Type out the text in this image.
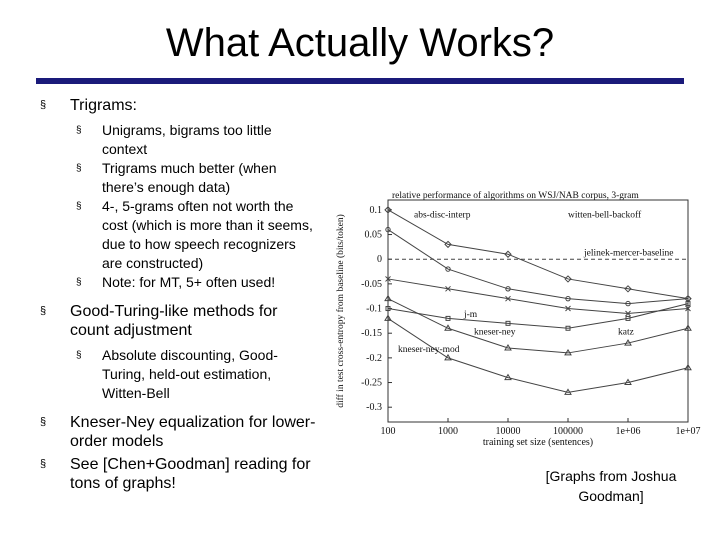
What Actually Works?
§ Trigrams:
§ Unigrams, bigrams too little context
§ Trigrams much better (when there’s enough data)
§ 4-, 5-grams often not worth the cost (which is more than it seems, due to how speech recognizers are constructed)
§ Note: for MT, 5+ often used!
§ Good-Turing-like methods for count adjustment
§ Absolute discounting, Good-Turing, held-out estimation, Witten-Bell
§ Kneser-Ney equalization for lower-order models
§ See [Chen+Goodman] reading for tons of graphs!
relative performance of algorithms on WSJ/NAB corpus, 3-gram
0.1
0.05
0
-0.05
-0.1
-0.15
-0.2
-0.25
-0.3
100	1000	10000	100000	1e+06	1e+07
training set size (sentences)
diff in test cross-entropy from baseline (bits/token)	abs-disc-interp	witten-bell-backoff
jelinek-mercer-baseline
j-m
kneser-ney	katz
kneser-ney-mod
[Graphs from Joshua Goodman]
